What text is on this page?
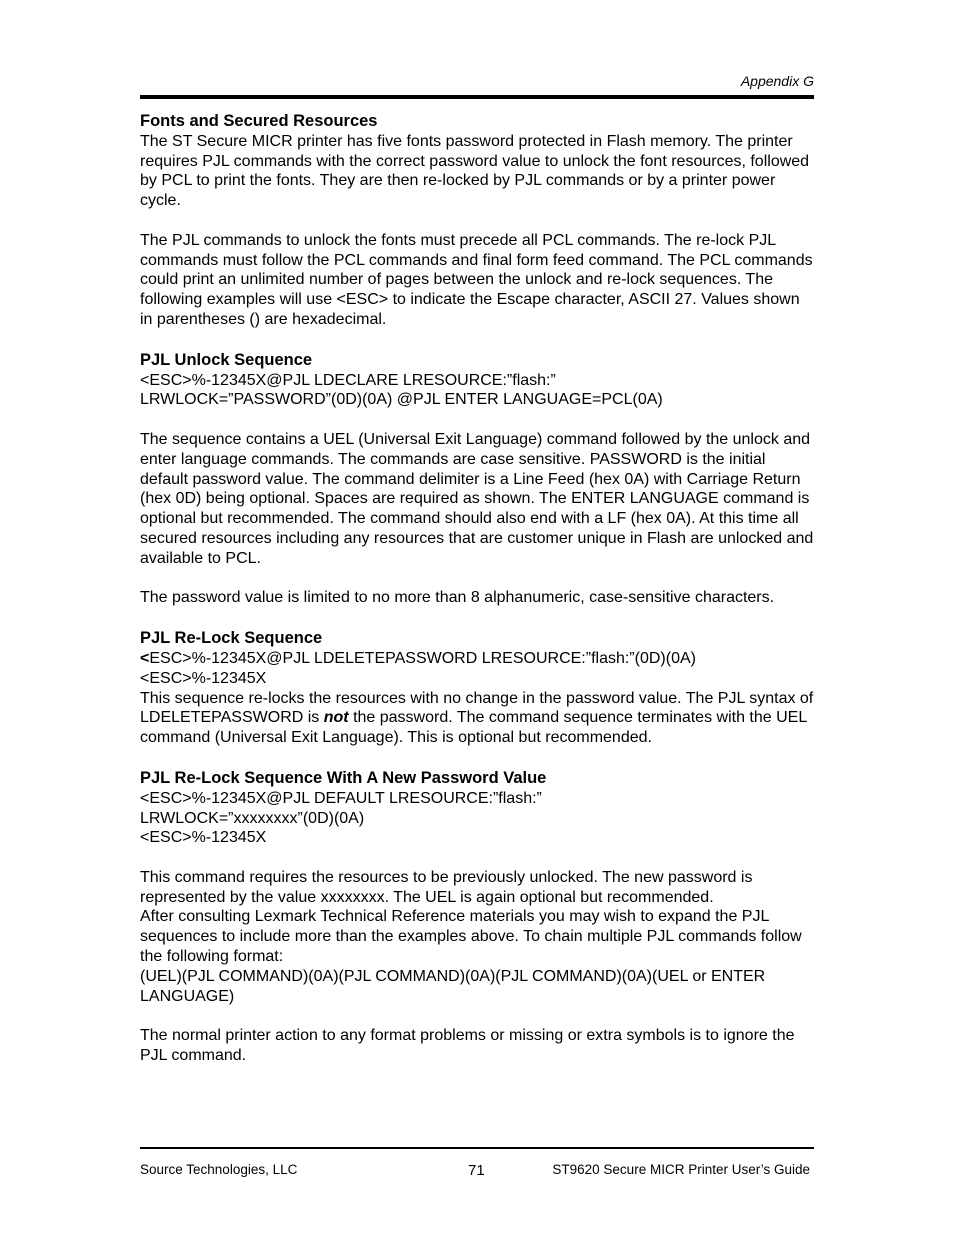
Appendix G
Fonts and Secured Resources

The ST Secure MICR printer has five fonts password protected in Flash memory. The printer requires PJL commands with the correct password value to unlock the font resources, followed by PCL to print the fonts. They are then re-locked by PJL commands or by a printer power cycle.

The PJL commands to unlock the fonts must precede all PCL commands. The re-lock PJL commands must follow the PCL commands and final form feed command. The PCL commands could print an unlimited number of pages between the unlock and re-lock sequences. The following examples will use <ESC> to indicate the Escape character, ASCII 27. Values shown in parentheses () are hexadecimal.

PJL Unlock Sequence

<ESC>%-12345X@PJL LDECLARE LRESOURCE:”flash:”

LRWLOCK=”PASSWORD”(0D)(0A) @PJL ENTER LANGUAGE=PCL(0A)

The sequence contains a UEL (Universal Exit Language) command followed by the unlock and enter language commands. The commands are case sensitive. PASSWORD is the initial default password value. The command delimiter is a Line Feed (hex 0A) with Carriage Return (hex 0D) being optional. Spaces are required as shown. The ENTER LANGUAGE command is optional but recommended. The command should also end with a LF (hex 0A). At this time all secured resources including any resources that are customer unique in Flash are unlocked and available to PCL.

The password value is limited to no more than 8 alphanumeric, case-sensitive characters.

PJL Re-Lock Sequence

<ESC>%-12345X@PJL LDELETEPASSWORD LRESOURCE:”flash:”(0D)(0A)

<ESC>%-12345X

This sequence re-locks the resources with no change in the password value. The PJL syntax of LDELETEPASSWORD is not the password. The command sequence terminates with the UEL command (Universal Exit Language). This is optional but recommended.

PJL Re-Lock Sequence With A New Password Value

<ESC>%-12345X@PJL DEFAULT LRESOURCE:”flash:”

LRWLOCK=”xxxxxxxx”(0D)(0A)

<ESC>%-12345X

This command requires the resources to be previously unlocked. The new password is represented by the value xxxxxxxx. The UEL is again optional but recommended.

After consulting Lexmark Technical Reference materials you may wish to expand the PJL sequences to include more than the examples above. To chain multiple PJL commands follow the following format:

(UEL)(PJL COMMAND)(0A)(PJL COMMAND)(0A)(PJL COMMAND)(0A)(UEL or ENTER LANGUAGE)

The normal printer action to any format problems or missing or extra symbols is to ignore the PJL command.

Source Technologies, LLC	71	ST9620 Secure MICR Printer User’s Guide
